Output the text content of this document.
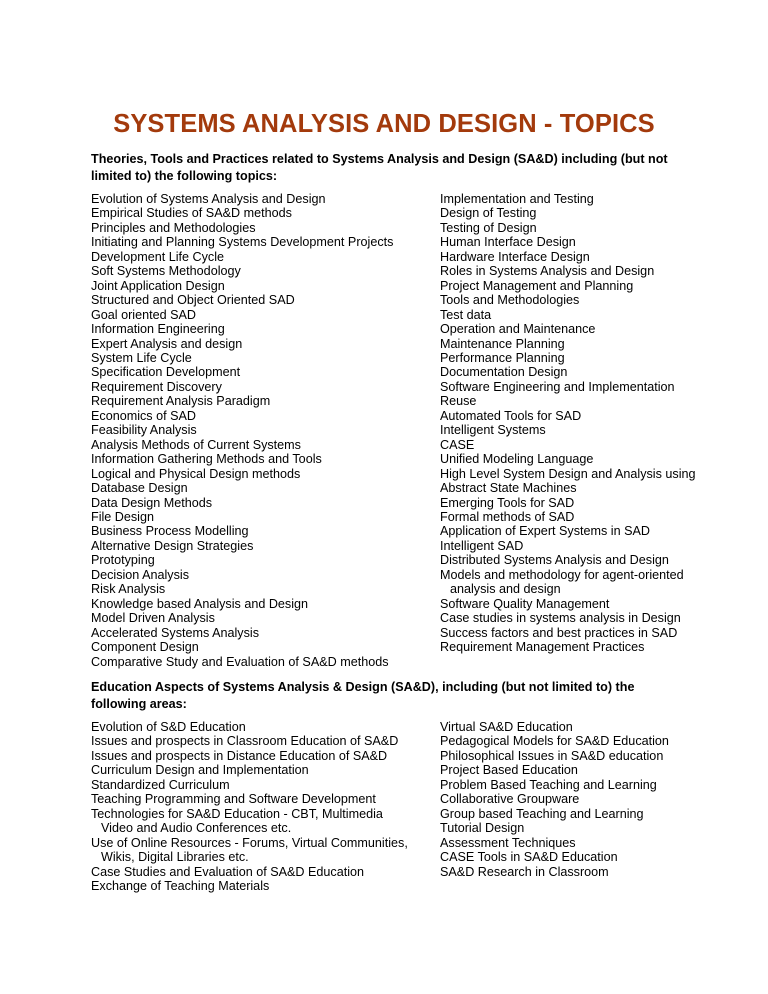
SYSTEMS ANALYSIS AND DESIGN - TOPICS

Theories, Tools and Practices related to Systems Analysis and Design (SA&D) including (but not limited to) the following topics:

Evolution of Systems Analysis and Design
Empirical Studies of SA&D methods
Principles and Methodologies
Initiating and Planning Systems Development Projects
Development Life Cycle
Soft Systems Methodology
Joint Application Design
Structured and Object Oriented SAD
Goal oriented SAD
Information Engineering
Expert Analysis and design
System Life Cycle
Specification Development
Requirement Discovery
Requirement Analysis Paradigm
Economics of SAD
Feasibility Analysis
Analysis Methods of Current Systems
Information Gathering Methods and Tools
Logical and Physical Design methods
Database Design
Data Design Methods
File Design
Business Process Modelling
Alternative Design Strategies
Prototyping
Decision Analysis
Risk Analysis
Knowledge based Analysis and Design
Model Driven Analysis
Accelerated Systems Analysis
Component Design
Comparative Study and Evaluation of SA&D methods
Implementation and Testing
Design of Testing
Testing of Design
Human Interface Design
Hardware Interface Design
Roles in Systems Analysis and Design
Project Management and Planning
Tools and Methodologies
Test data
Operation and Maintenance
Maintenance Planning
Performance Planning
Documentation Design
Software Engineering and Implementation
Reuse
Automated Tools for SAD
Intelligent Systems
CASE
Unified Modeling Language
High Level System Design and Analysis using
Abstract State Machines
Emerging Tools for SAD
Formal methods of SAD
Application of Expert Systems in SAD
Intelligent SAD
Distributed Systems Analysis and Design
Models and methodology for agent-oriented
analysis and design
Software Quality Management
Case studies in systems analysis in Design
Success factors and best practices in SAD
Requirement Management Practices

Education Aspects of Systems Analysis & Design (SA&D), including (but not limited to) the following areas:

Evolution of S&D Education
Issues and prospects in Classroom Education of SA&D
Issues and prospects in Distance Education of SA&D
Curriculum Design and Implementation
Standardized Curriculum
Teaching Programming and Software Development
Technologies for SA&D Education - CBT, Multimedia
Video and Audio Conferences etc.
Use of Online Resources - Forums, Virtual Communities,
Wikis, Digital Libraries etc.
Case Studies and Evaluation of SA&D Education
Exchange of Teaching Materials
Virtual SA&D Education
Pedagogical Models for SA&D Education
Philosophical Issues in SA&D education
Project Based Education
Problem Based Teaching and Learning
Collaborative Groupware
Group based Teaching and Learning
Tutorial Design
Assessment Techniques
CASE Tools in SA&D Education
SA&D Research in Classroom
